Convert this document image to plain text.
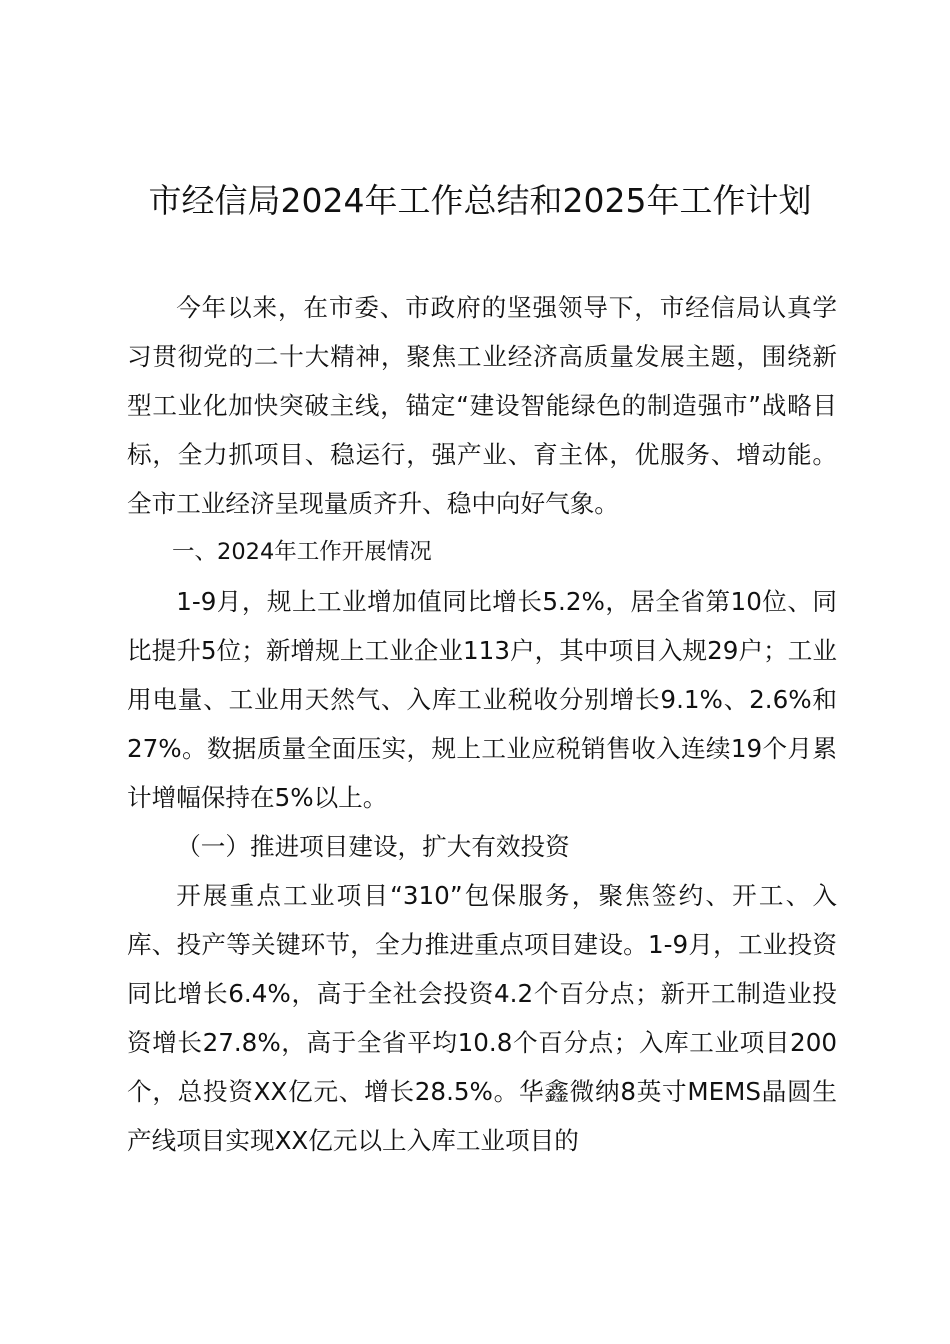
市经信局2024年工作总结和2025年工作计划

今年以来，在市委、市政府的坚强领导下，市经信局认真学习贯彻党的二十大精神，聚焦工业经济高质量发展主题，围绕新型工业化加快突破主线，锚定“建设智能绿色的制造强市”战略目标，全力抓项目、稳运行，强产业、育主体，优服务、增动能。全市工业经济呈现量质齐升、稳中向好气象。

一、2024年工作开展情况

1-9月，规上工业增加值同比增长5.2%，居全省第10位、同比提升5位；新增规上工业企业113户，其中项目入规29户；工业用电量、工业用天然气、入库工业税收分别增长9.1%、2.6%和27%。数据质量全面压实，规上工业应税销售收入连续19个月累计增幅保持在5%以上。

（一）推进项目建设，扩大有效投资

开展重点工业项目“310”包保服务，聚焦签约、开工、入库、投产等关键环节，全力推进重点项目建设。1-9月，工业投资同比增长6.4%，高于全社会投资4.2个百分点；新开工制造业投资增长27.8%，高于全省平均10.8个百分点；入库工业项目200个，总投资XX亿元、增长28.5%。华鑫微纳8英寸MEMS晶圆生产线项目实现XX亿元以上入库工业项目的
